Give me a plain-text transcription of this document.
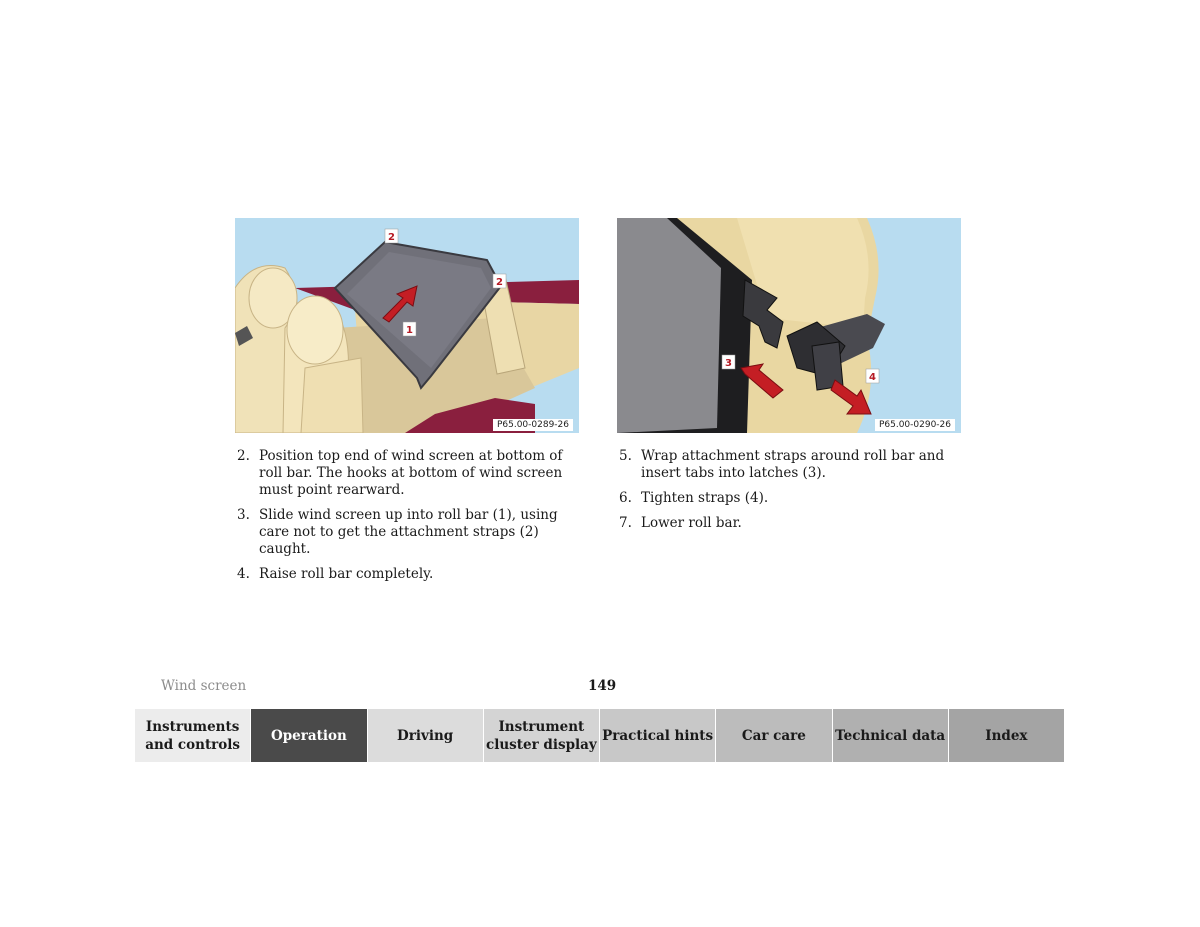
2
2
1
P65.00-0289-26
3
4
P65.00-0290-26
2. Position top end of wind screen at bottom of roll bar. The hooks at bottom of wind screen must point rearward.
3. Slide wind screen up into roll bar (1), using care not to get the attachment straps (2) caught.
4. Raise roll bar completely.
5. Wrap attachment straps around roll bar and insert tabs into latches (3).
6. Tighten straps (4).
7. Lower roll bar.
Wind screen	149
Instruments and controls
Operation	Driving
Instrument cluster display
Practical hints	Car care	Technical data	Index
